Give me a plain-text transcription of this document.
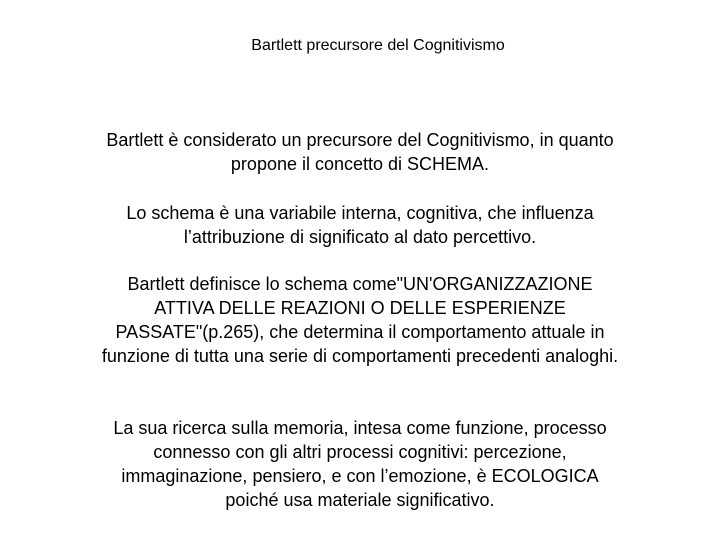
Bartlett precursore del Cognitivismo

Bartlett è considerato un precursore del Cognitivismo, in quanto
propone il concetto di SCHEMA.

Lo schema è una variabile interna, cognitiva, che influenza
l’attribuzione di significato al dato percettivo.

Bartlett definisce lo schema come"UN'ORGANIZZAZIONE
ATTIVA DELLE REAZIONI O DELLE ESPERIENZE
PASSATE"(p.265), che determina il comportamento attuale in
funzione di tutta una serie di comportamenti precedenti analoghi.

La sua ricerca sulla memoria, intesa come funzione, processo
connesso con gli altri processi cognitivi: percezione,
immaginazione, pensiero, e con l’emozione, è ECOLOGICA
poiché usa materiale significativo.
